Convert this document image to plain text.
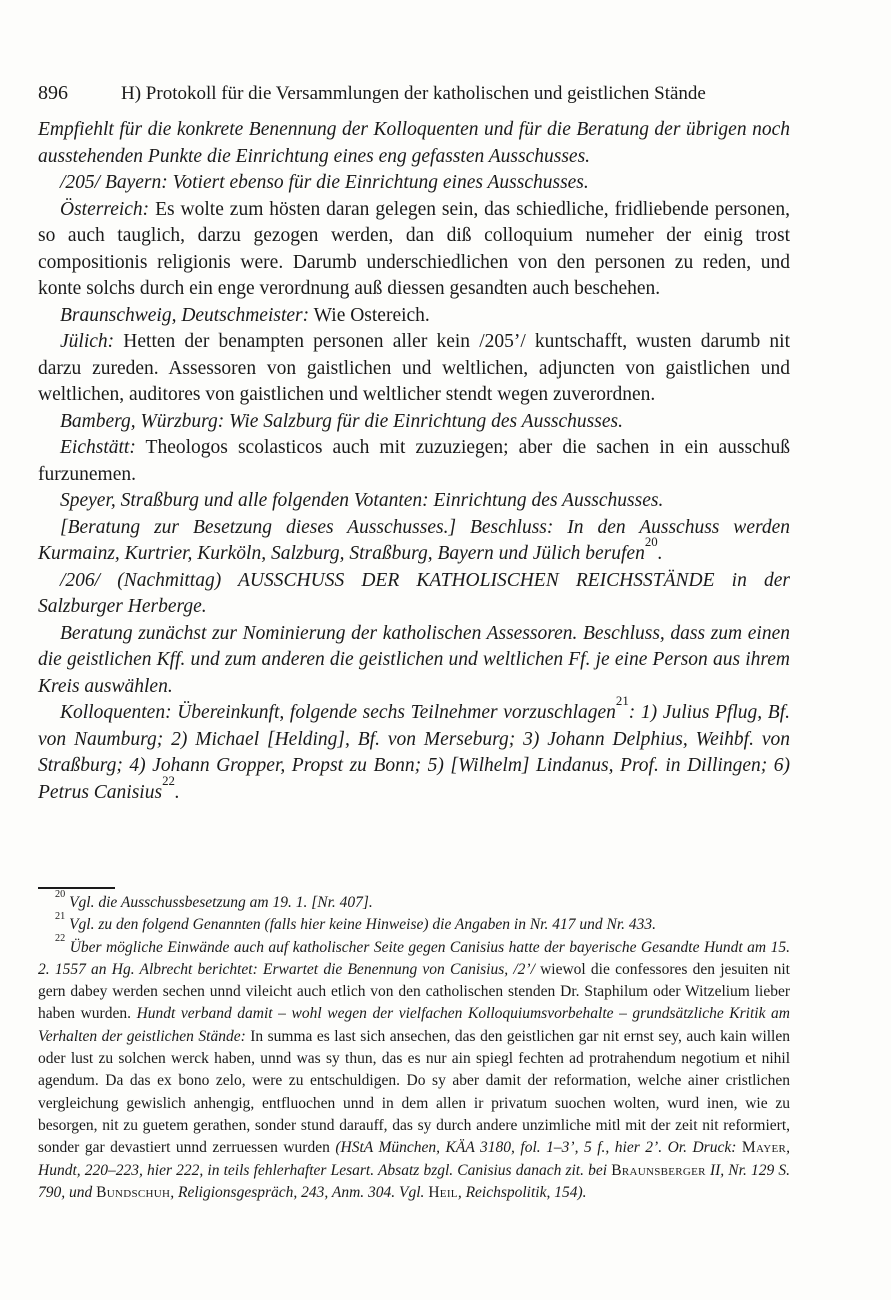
896	H) Protokoll für die Versammlungen der katholischen und geistlichen Stände

Empfiehlt für die konkrete Benennung der Kolloquenten und für die Beratung der übrigen noch ausstehenden Punkte die Einrichtung eines eng gefassten Ausschusses.

/205/ Bayern: Votiert ebenso für die Einrichtung eines Ausschusses.

Österreich: Es wolte zum hösten daran gelegen sein, das schiedliche, fridliebende personen, so auch tauglich, darzu gezogen werden, dan diß colloquium numeher der einig trost compositionis religionis were. Darumb underschiedlichen von den personen zu reden, und konte solchs durch ein enge verordnung auß diessen gesandten auch beschehen.

Braunschweig, Deutschmeister: Wie Ostereich.

Jülich: Hetten der benampten personen aller kein /205’/ kuntschafft, wusten darumb nit darzu zureden. Assessoren von gaistlichen und weltlichen, adjuncten von gaistlichen und weltlichen, auditores von gaistlichen und weltlicher stendt wegen zuverordnen.

Bamberg, Würzburg: Wie Salzburg für die Einrichtung des Ausschusses.

Eichstätt: Theologos scolasticos auch mit zuzuziegen; aber die sachen in ein ausschuß furzunemen.

Speyer, Straßburg und alle folgenden Votanten: Einrichtung des Ausschusses.

[Beratung zur Besetzung dieses Ausschusses.] Beschluss: In den Ausschuss werden Kurmainz, Kurtrier, Kurköln, Salzburg, Straßburg, Bayern und Jülich berufen$^{20}$.

/206/ (Nachmittag) AUSSCHUSS DER KATHOLISCHEN REICHSSTÄNDE in der Salzburger Herberge.

Beratung zunächst zur Nominierung der katholischen Assessoren. Beschluss, dass zum einen die geistlichen Kff. und zum anderen die geistlichen und weltlichen Ff. je eine Person aus ihrem Kreis auswählen.

Kolloquenten: Übereinkunft, folgende sechs Teilnehmer vorzuschlagen$^{21}$: 1) Julius Pflug, Bf. von Naumburg; 2) Michael [Helding], Bf. von Merseburg; 3) Johann Delphius, Weihbf. von Straßburg; 4) Johann Gropper, Propst zu Bonn; 5) [Wilhelm] Lindanus, Prof. in Dillingen; 6) Petrus Canisius$^{22}$.

$^{20}$ Vgl. die Ausschussbesetzung am 19. 1. [Nr. 407].

$^{21}$ Vgl. zu den folgend Genannten (falls hier keine Hinweise) die Angaben in Nr. 417 und Nr. 433.

$^{22}$ Über mögliche Einwände auch auf katholischer Seite gegen Canisius hatte der bayerische Gesandte Hundt am 15. 2. 1557 an Hg. Albrecht berichtet: Erwartet die Benennung von Canisius, /2’/ wiewol die confessores den jesuiten nit gern dabey werden sechen unnd vileicht auch etlich von den catholischen stenden Dr. Staphilum oder Witzelium lieber haben wurden. Hundt verband damit – wohl wegen der vielfachen Kolloquiumsvorbehalte – grundsätzliche Kritik am Verhalten der geistlichen Stände: In summa es last sich ansechen, das den geistlichen gar nit ernst sey, auch kain willen oder lust zu solchen werck haben, unnd was sy thun, das es nur ain spiegl fechten ad protrahendum negotium et nihil agendum. Da das ex bono zelo, were zu entschuldigen. Do sy aber damit der reformation, welche ainer cristlichen vergleichung gewislich anhengig, entfluochen unnd in dem allen ir privatum suochen wolten, wurd inen, wie zu besorgen, nit zu guetem gerathen, sonder stund darauff, das sy durch andere unzimliche mitl mit der zeit nit reformiert, sonder gar devastiert unnd zerruessen wurden (HStA München, KÄA 3180, fol. 1–3’, 5 f., hier 2’. Or. Druck: Mayer, Hundt, 220–223, hier 222, in teils fehlerhafter Lesart. Absatz bzgl. Canisius danach zit. bei Braunsberger II, Nr. 129 S. 790, und Bundschuh, Religionsgespräch, 243, Anm. 304. Vgl. Heil, Reichspolitik, 154).
